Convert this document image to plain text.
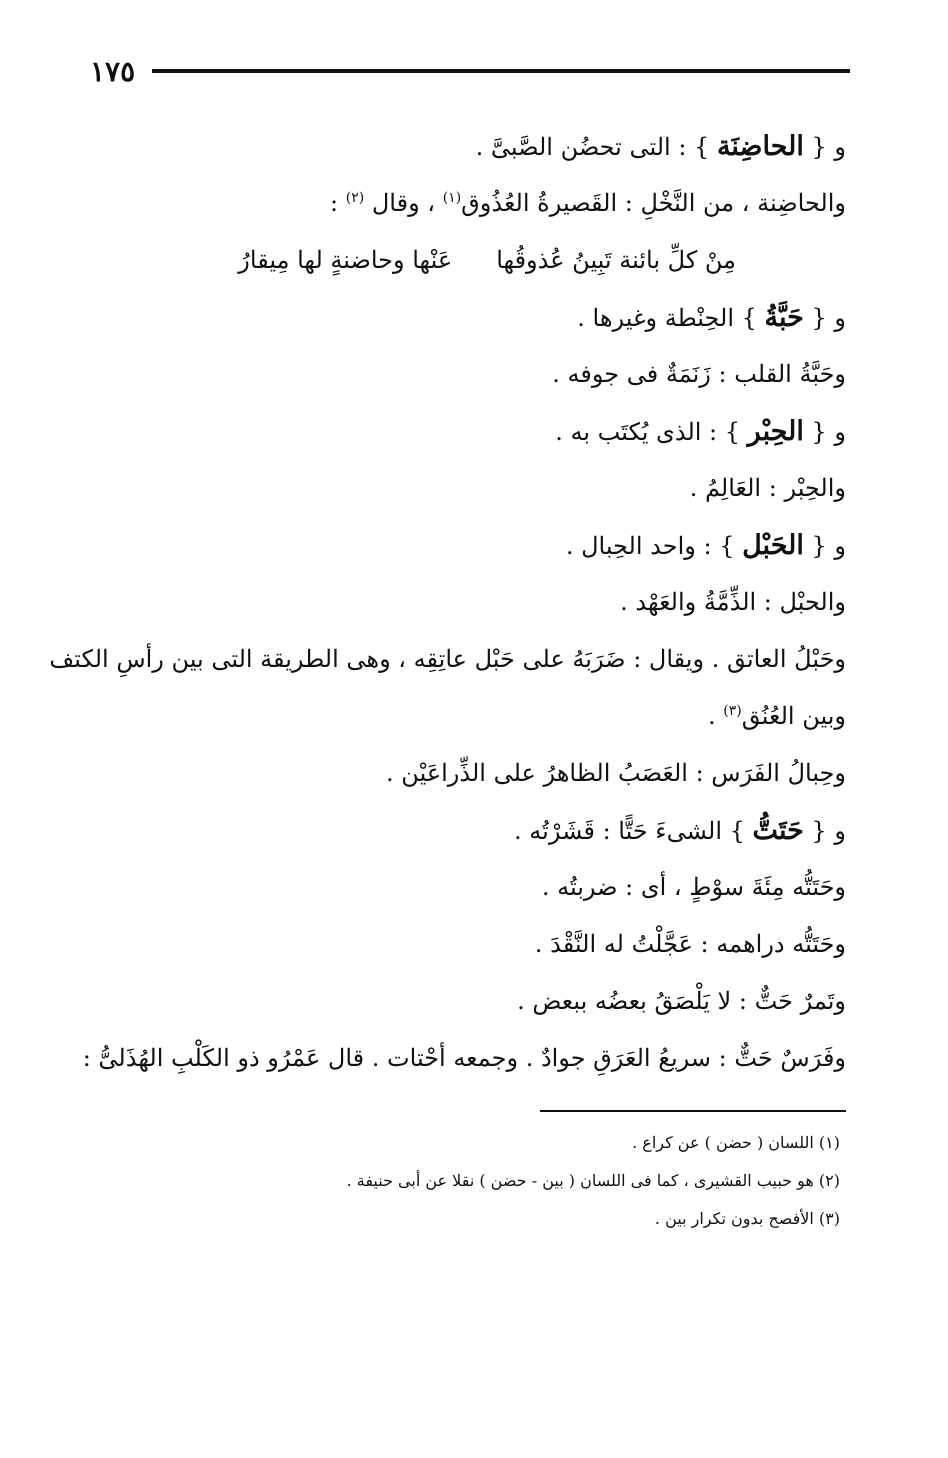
١٧٥
و { الحاضِنَة } : التى تحضُن الصَّبىَّ .
والحاضِنة ، من النَّخْلِ : القَصيرةُ العُذُوق$^{(١)}$ ، وقال $^{(٢)}$ :
مِنْ كلِّ بائنة تَبِينُ عُذوقُها
عَنْها وحاضنةٍ لها مِيقارُ
و { حَبَّةُ } الحِنْطة وغيرها .
وحَبَّةُ القلب : زَنَمَةٌ فى جوفه .
و { الحِبْر } : الذى يُكتَب به .
والحِبْر : العَالِمُ .
و { الحَبْل } : واحد الحِبال .
والحبْل : الذِّمَّةُ والعَهْد .
وحَبْلُ العاتق . ويقال : ضَرَبَهُ على حَبْل عاتِقِه ، وهى الطريقة التى بين رأسِ الكتف وبين العُنُق$^{(٣)}$ .
وحِبالُ الفَرَس : العَصَبُ الظاهرُ على الذِّراعَيْن .
و { حَتَتُّ } الشىءَ حَتًّا : قَشَرْتُه .
وحَتَتُّه مِئَةَ سوْطٍ ، أى : ضربتُه .
وحَتَتُّه دراهمه : عَجَّلْتُ له النَّقْدَ .
وتَمرٌ حَتٌّ : لا يَلْصَقُ بعضُه ببعض .
وفَرَسٌ حَتٌّ : سريعُ العَرَقِ جوادٌ . وجمعه أحْتات . قال عَمْرُو ذو الكَلْبِ الهُذَلىُّ :
(١) اللسان ( حضن ) عن كراع .
(٢) هو حبيب القشيرى ، كما فى اللسان ( بين - حضن ) نقلا عن أبى حنيفة .
(٣) الأفصح بدون تكرار بين .
